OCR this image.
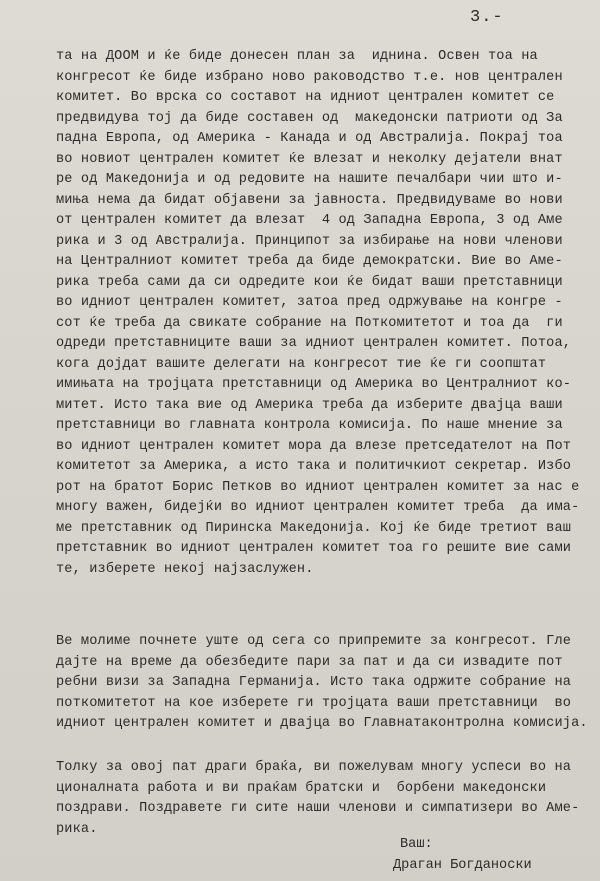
3.-
та на ДООМ и ќе биде донесен план за  иднина. Освен тоа на
конгресот ќе биде избрано ново раководство т.е. нов централен
комитет. Во врска со составот на идниот централен комитет се
предвидува тој да биде составен од  македонски патриоти од За
падна Европа, од Америка - Канада и од Австралија. Покрај тоа
во новиот централен комитет ќе влезат и неколку дејатели внат
ре од Македонија и од редовите на нашите печалбари чии што и-
миња нема да бидат објавени за јавноста. Предвидуваме во нови
от централен комитет да влезат  4 од Западна Европа, 3 од Аме
рика и 3 од Австралија. Принципот за избирање на нови членови
на Централниот комитет треба да биде демократски. Вие во Аме-
рика треба сами да си одредите кои ќе бидат ваши претставници
во идниот централен комитет, затоа пред одржување на конгре -
сот ќе треба да свикате собрание на Поткомитетот и тоа да  ги
одреди претставниците ваши за идниот централен комитет. Потоа,
кога дојдат вашите делегати на конгресот тие ќе ги соопштат
имињата на тројцата претставници од Америка во Централниот ко-
митет. Исто така вие од Америка треба да изберите двајца ваши
претставници во главната контрола комисија. По наше мнение за
во идниот централен комитет мора да влезе претседателот на Пот
комитетот за Америка, а исто така и политичкиот секретар. Избо
рот на братот Борис Петков во идниот централен комитет за нас е
многу важен, бидејќи во идниот централен комитет треба  да има-
ме претставник од Пиринска Македонија. Кој ќе биде третиот ваш
претставник во идниот централен комитет тоа го решите вие сами
те, изберете некој најзаслужен.
Ве молиме почнете уште од сега со припремите за конгресот. Гле
дајте на време да обезбедите пари за пат и да си извадите пот
ребни визи за Западна Германија. Исто така одржите собрание на
поткомитетот на кое изберете ги тројцата ваши претставници  во
идниот централен комитет и двајца во Главнатаконтролна комисија.
Толку за овој пат драги браќа, ви пожелувам многу успеси во на
ционалната работа и ви праќам братски и  борбени македонски
поздрави. Поздравете ги сите наши членови и симпатизери во Аме-
рика.
Ваш:
Драган Богданоски
